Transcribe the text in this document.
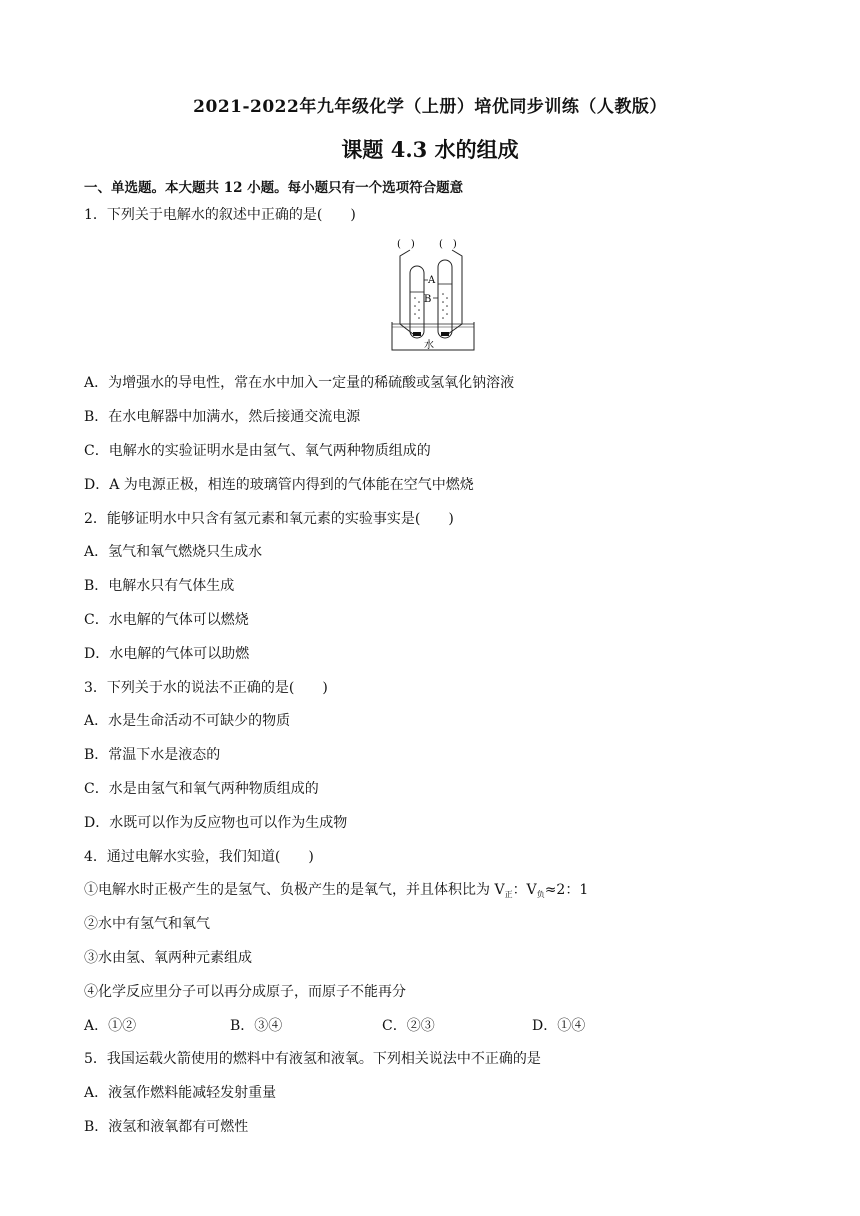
2021-2022年九年级化学（上册）培优同步训练（人教版）
课题 4.3 水的组成
一、单选题。本大题共 12 小题。每小题只有一个选项符合题意
1．下列关于电解水的叙述中正确的是(　　)
(　) (　)
A
B
水
A．为增强水的导电性，常在水中加入一定量的稀硫酸或氢氧化钠溶液
B．在水电解器中加满水，然后接通交流电源
C．电解水的实验证明水是由氢气、氧气两种物质组成的
D．A 为电源正极，相连的玻璃管内得到的气体能在空气中燃烧
2．能够证明水中只含有氢元素和氧元素的实验事实是(　　)
A．氢气和氧气燃烧只生成水
B．电解水只有气体生成
C．水电解的气体可以燃烧
D．水电解的气体可以助燃
3．下列关于水的说法不正确的是(　　)
A．水是生命活动不可缺少的物质
B．常温下水是液态的
C．水是由氢气和氧气两种物质组成的
D．水既可以作为反应物也可以作为生成物
4．通过电解水实验，我们知道(　　)
①电解水时正极产生的是氢气、负极产生的是氧气，并且体积比为 $V_正$：$V_负\approx 2$：1
②水中有氢气和氧气
③水由氢、氧两种元素组成
④化学反应里分子可以再分成原子，而原子不能再分
A．①②	B．③④	C．②③	D．①④
5．我国运载火箭使用的燃料中有液氢和液氧。下列相关说法中不正确的是
A．液氢作燃料能减轻发射重量
B．液氢和液氧都有可燃性
